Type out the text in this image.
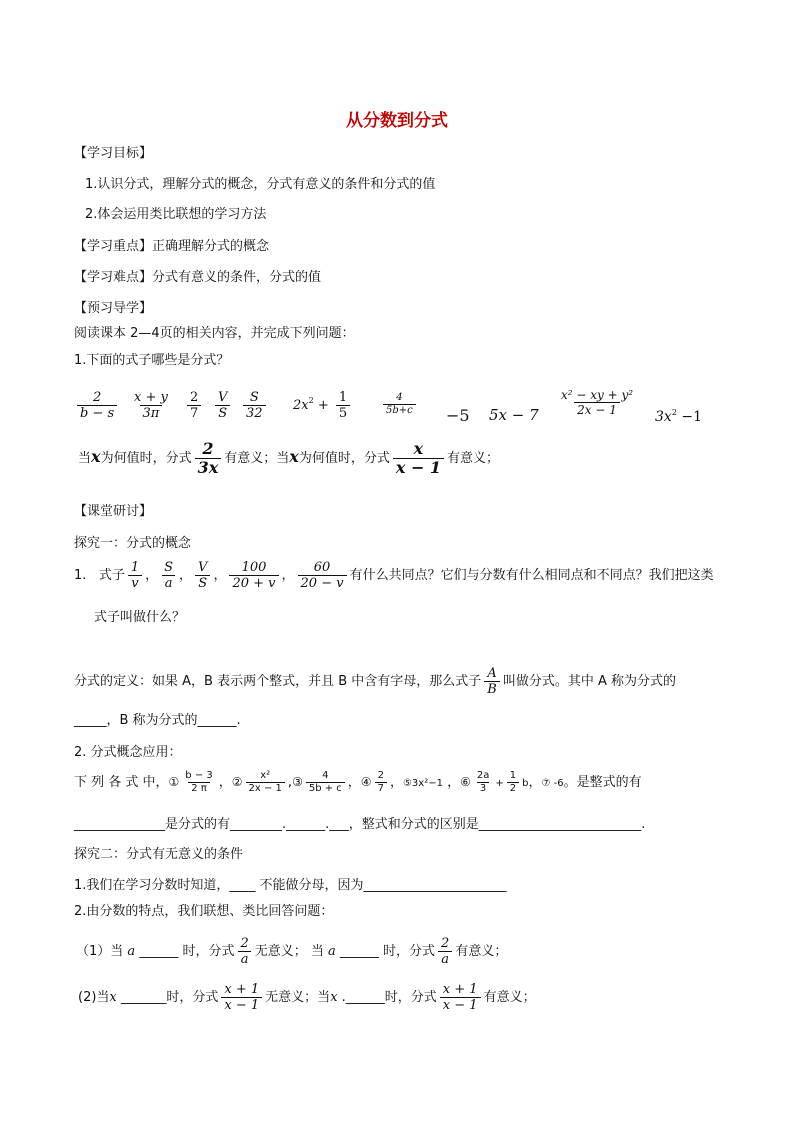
从分数到分式
【学习目标】
1.认识分式，理解分式的概念，分式有意义的条件和分式的值
2.体会运用类比联想的学习方法
【学习重点】正确理解分式的概念
【学习难点】分式有意义的条件，分式的值
【预习导学】
阅读课本 2—4页的相关内容，并完成下列问题：
1.下面的式子哪些是分式？
$\frac{2}{b - s} \frac{x + y}{3\pi} \frac{2}{7} \frac{V}{S} \frac{S}{32} 2x^2 + \frac{1}{5}$	$\frac{4}{5b+c} -5$ $5x - 7 \frac{\text{x² − xy + y²}}{2x - 1} 3x^2 -1$
当x为何值时，分式 $\frac{2}{3x}$ 有意义；当x为何值时，分式 $\frac{x}{x - 1}$ 有意义；
【课堂研讨】
探究一：分式的概念
1. 式子 $\frac{1}{v}$ ， $\frac{S}{a}$ ， $\frac{V}{S}$ ， $\frac{100}{20 + v}$ ， $\frac{60}{20 - v}$ 有什么共同点？它们与分数有什么相同点和不同点？我们把这类
式子叫做什么？
分式的定义：如果 A，B 表示两个整式，并且 B 中含有字母，那么式子 $\frac{A}{B}$ 叫做分式。其中 A 称为分式的
_____，B 称为分式的______.
2. 分式概念应用：
下 列 各 式 中，① $\frac{b - 3}{2 \pi}$ ，② $\frac{\text{x²}}{2x - 1}$ ,③ $\frac{4}{5b + c}$ ，④ $\frac{2}{7}$ ，⑤3x²−1 ，⑥ $\frac{2a}{3} + \frac{1}{2}$ b，⑦ -6。是整式的有
______________是分式的有________.______.___，整式和分式的区别是_________________________.
探究二：分式有无意义的条件
1.我们在学习分数时知道，____ 不能做分母，因为______________________
2.由分数的特点，我们联想、类比回答问题：
（1）当 a ______ 时，分式 $\frac{2}{a}$ 无意义； 当 a ______ 时，分式 $\frac{2}{a}$ 有意义；
(2)当x _______时，分式 $\frac{x + 1}{x - 1}$ 无意义；当x .______时，分式 $\frac{x + 1}{x - 1}$ 有意义；
